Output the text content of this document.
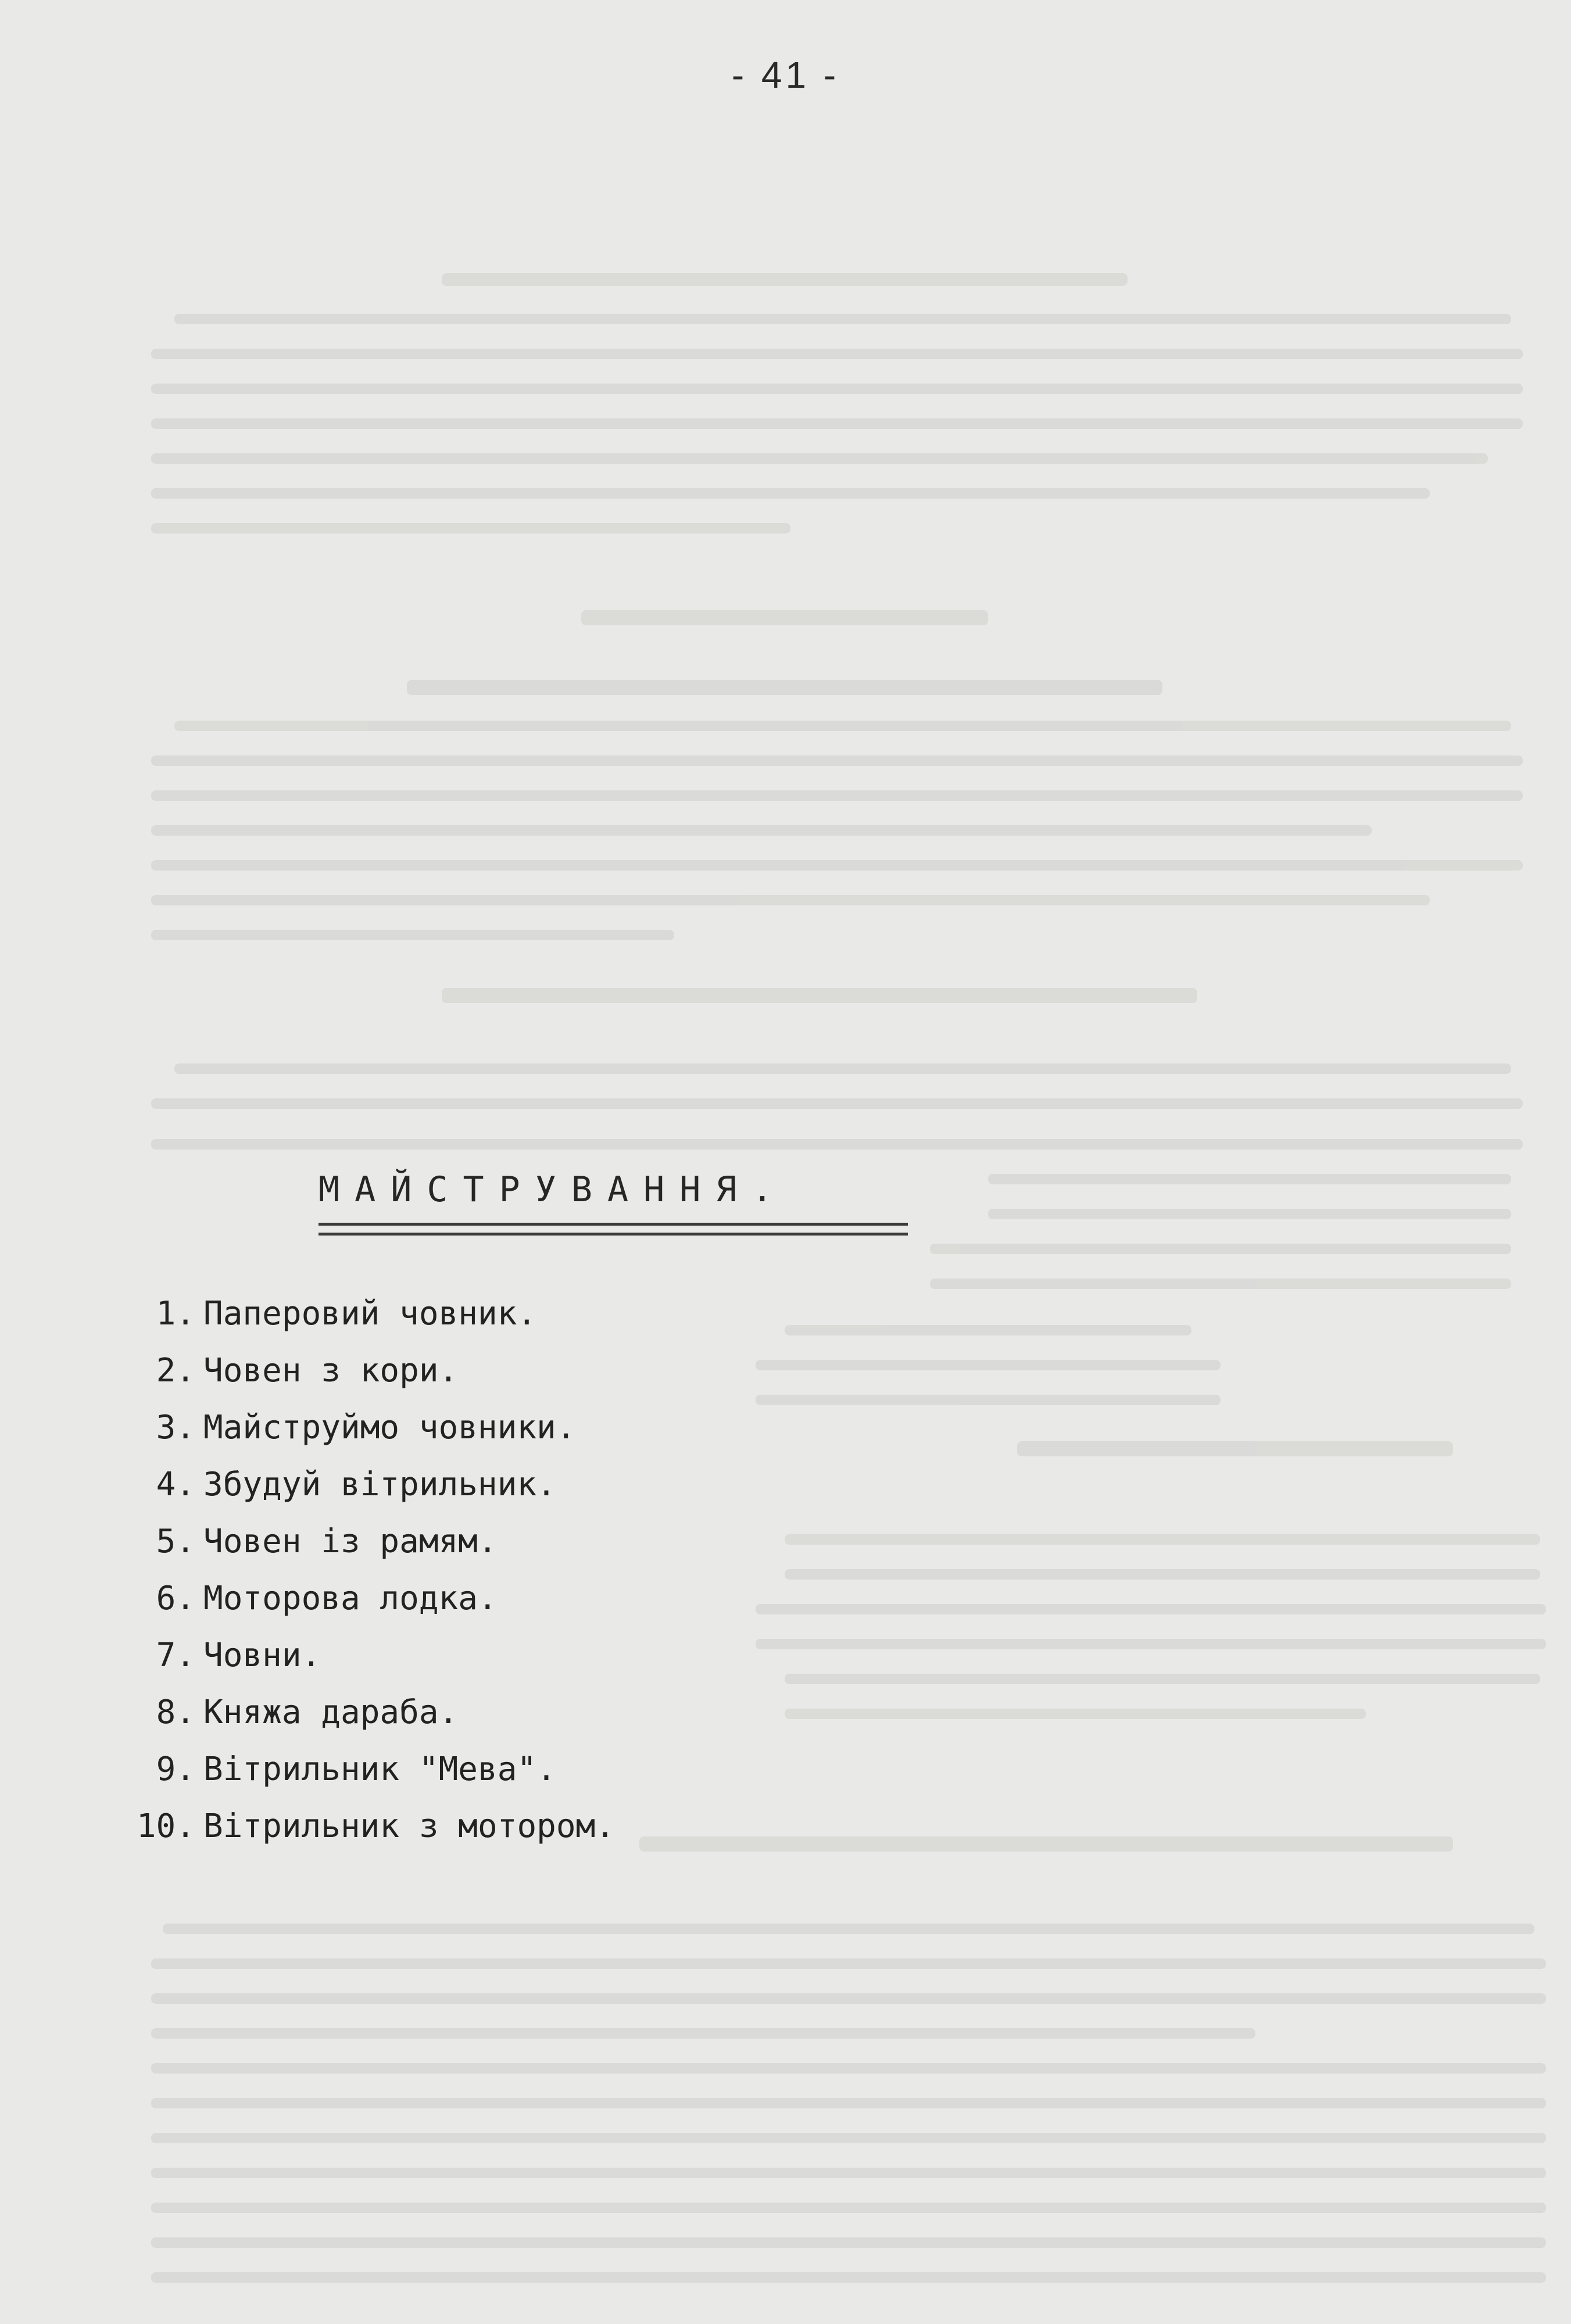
- 41 -
МАЙСТРУВАННЯ.
1. Паперовий човник.
2. Човен з кори.
3. Майструймо човники.
4. Збудуй вітрильник.
5. Човен із рамям.
6. Моторова лодка.
7. Човни.
8. Княжа дараба.
9. Вітрильник "Мева".
10. Вітрильник з мотором.
